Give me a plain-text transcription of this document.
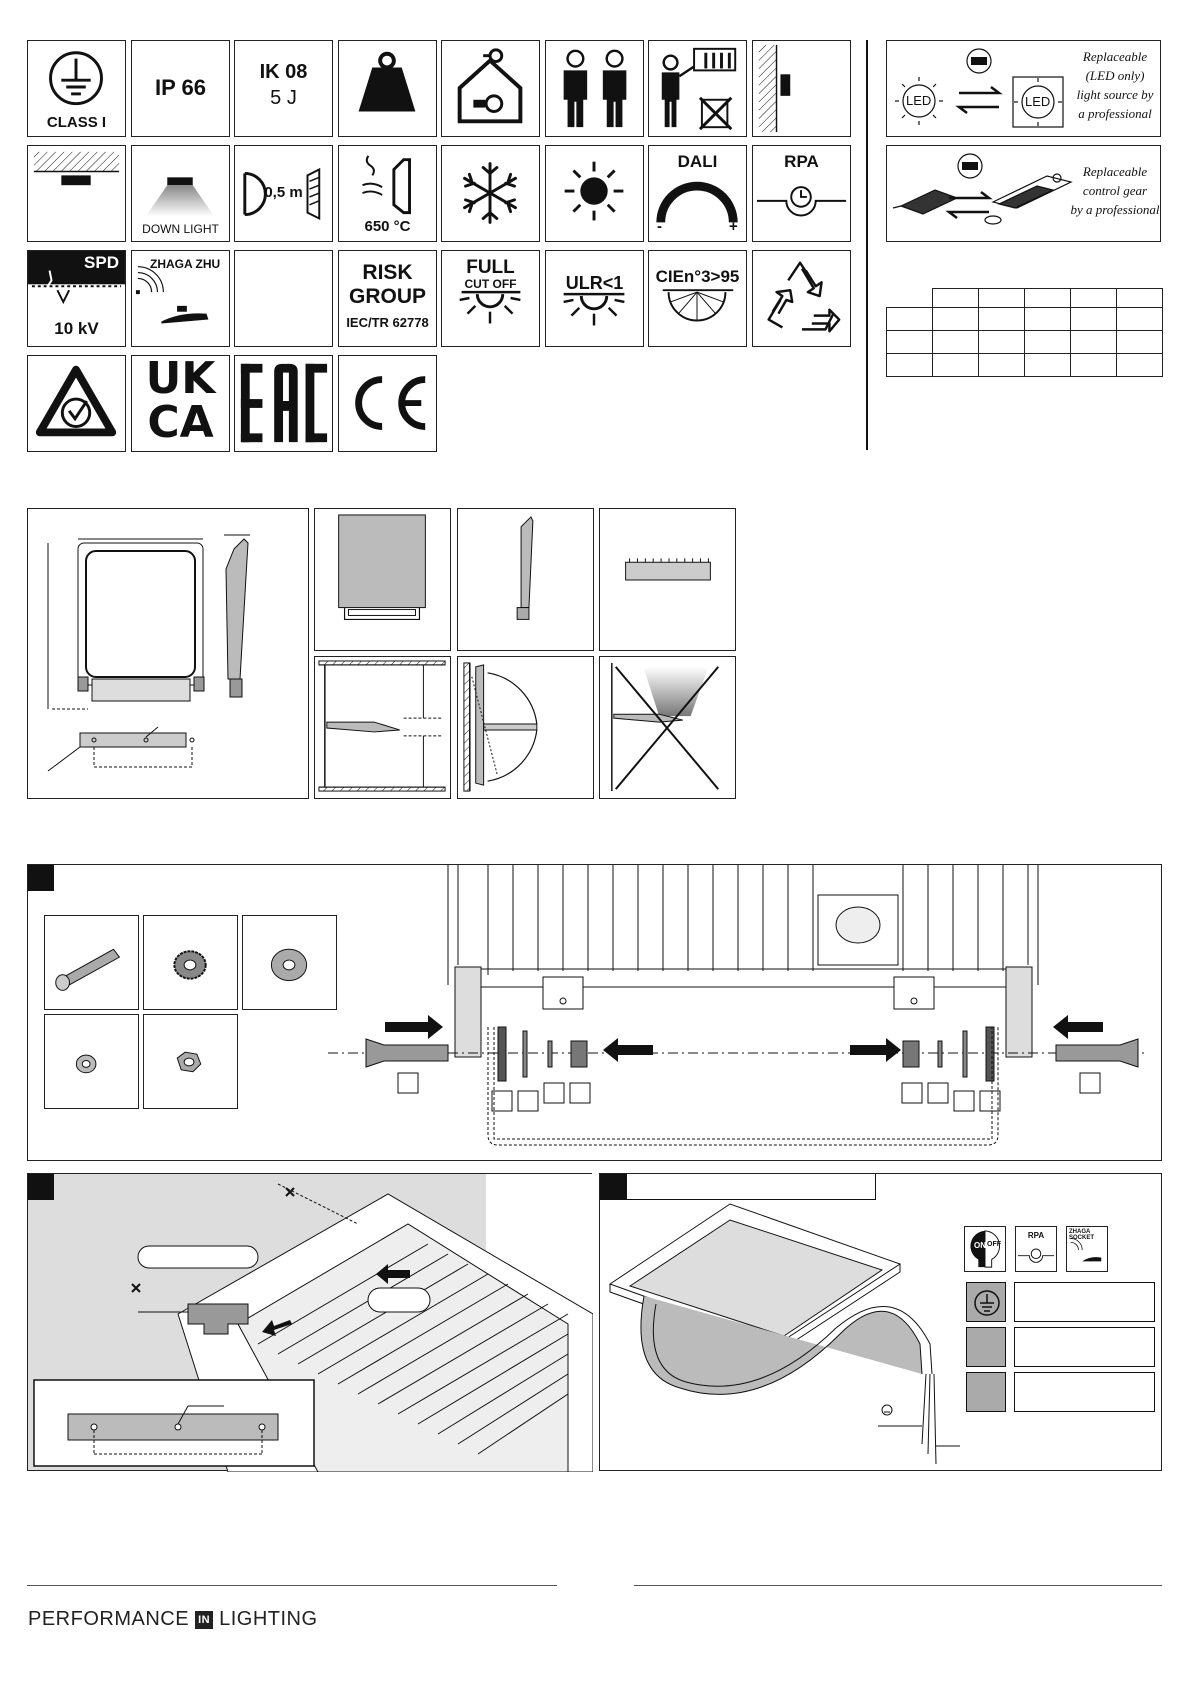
CLASS I
IP 66
IK 08
5 J
DOWN LIGHT
0,5 m
650 °C
DALI
-	+
RPA
SPD
10 kV
ZHAGA ZHU	RISK
GROUP
IEC/TR 62778
FULL
CUT OFF	ULR<1	CIEn°3>95
UK
CA
LED	LED
Replaceable
(LED only)
light source by
a professional
Replaceable
control gear
by a professional

ON OFF
RPA	ZHAGA SOCKET
PERFORMANCE IN LIGHTING
